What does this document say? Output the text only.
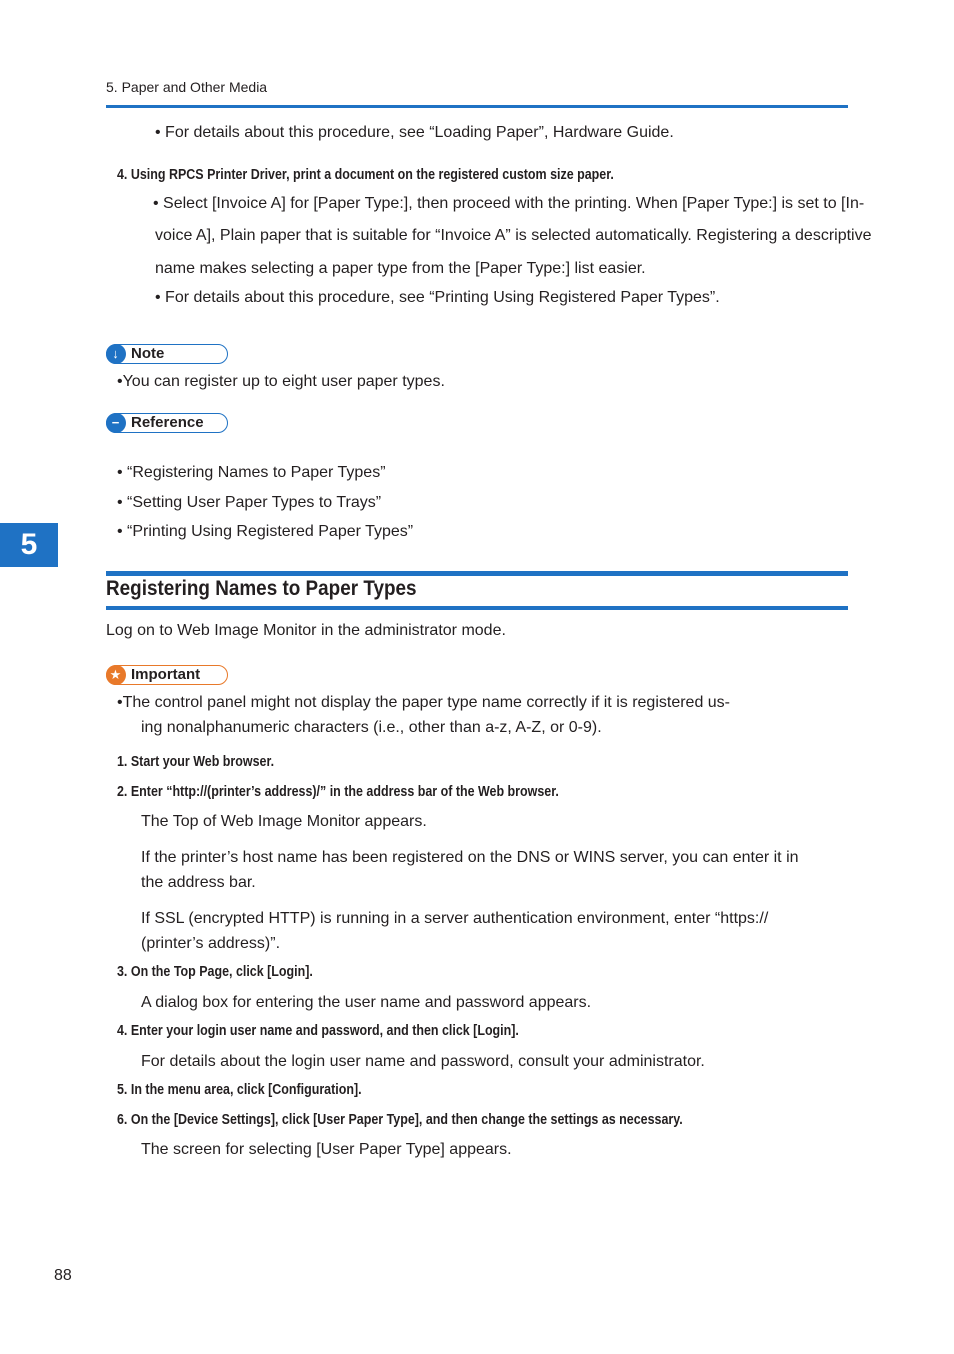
5. Paper and Other Media
• For details about this procedure, see “Loading Paper”, Hardware Guide.
4. Using RPCS Printer Driver, print a document on the registered custom size paper.
• Select [Invoice A] for [Paper Type:], then proceed with the printing. When [Paper Type:] is set to [In-
voice A], Plain paper that is suitable for “Invoice A” is selected automatically. Registering a descriptive
name makes selecting a paper type from the [Paper Type:] list easier.
• For details about this procedure, see “Printing Using Registered Paper Types”.
↓ Note
•You can register up to eight user paper types.
− Reference
• “Registering Names to Paper Types”
• “Setting User Paper Types to Trays”
• “Printing Using Registered Paper Types”
5
Registering Names to Paper Types
Log on to Web Image Monitor in the administrator mode.
★ Important
•The control panel might not display the paper type name correctly if it is registered us-
ing nonalphanumeric characters (i.e., other than a-z, A-Z, or 0-9).
1. Start your Web browser.
2. Enter “http://(printer’s address)/” in the address bar of the Web browser.
The Top of Web Image Monitor appears.
If the printer’s host name has been registered on the DNS or WINS server, you can enter it in
the address bar.
If SSL (encrypted HTTP) is running in a server authentication environment, enter “https://
(printer’s address)”.
3. On the Top Page, click [Login].
A dialog box for entering the user name and password appears.
4. Enter your login user name and password, and then click [Login].
For details about the login user name and password, consult your administrator.
5. In the menu area, click [Configuration].
6. On the [Device Settings], click [User Paper Type], and then change the settings as necessary.
The screen for selecting [User Paper Type] appears.
88
